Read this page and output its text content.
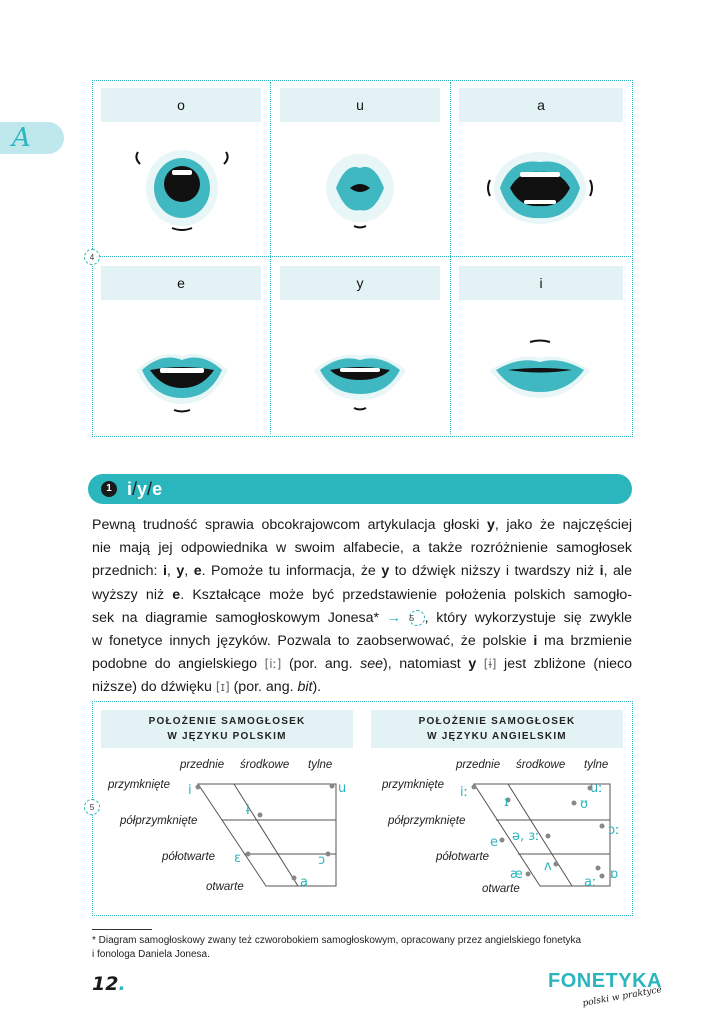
A
4
o	u	a
e	y	i
1 i/y/e
Pewną trudność sprawia obcokrajowcom artykulacja głoski y, jako że najczęściej
nie mają jej odpowiednika w swoim alfabecie, a także rozróżnienie samogłosek
przednich: i, y, e. Pomoże tu informacja, że y to dźwięk niższy i twardszy niż i, ale
wyższy niż e. Kształcące może być przedstawienie położenia polskich samogło-
sek na diagramie samogłoskowym Jonesa* → 5 , który wykorzystuje się zwykle
w fonetyce innych języków. Pozwala to zaobserwować, że polskie i ma brzmienie
podobne do angielskiego [iː] (por. ang. see), natomiast y [ɨ] jest zbliżone (nieco
niższe) do dźwięku [ɪ] (por. ang. bit).
5
POŁOŻENIE SAMOGŁOSEK
W JĘZYKU POLSKIM
POŁOŻENIE SAMOGŁOSEK
W JĘZYKU ANGIELSKIM
przednie środkowe tylne
przymknięte
półprzymknięte
półotwarte
otwarte
i
ɨ
u
ɛ	ɔ
a
przednie środkowe tylne
przymknięte
półprzymknięte
półotwarte
otwarte
iː
ɪ
uː
ʊ
e ə, ɜː	ɔː
ʌ
æ
aː
ɒ
* Diagram samogłoskowy zwany też czworobokiem samogłoskowym, opracowany przez angielskiego fonetyka
i fonologa Daniela Jonesa.
12.	FONETYKA
polski w praktyce
